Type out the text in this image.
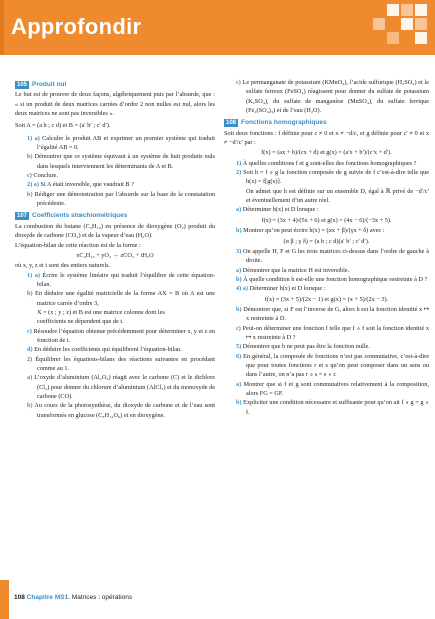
Approfondir
105 Produit nul

Le but est de prouver de deux façons, algébriquement puis par l’absurde, que : « si un produit de deux matrices carrées d’ordre 2 non nulles est nul, alors les deux matrices ne sont pas inversibles ».

Soit A = (a b ; c d) et B = (a′ b′ ; c′ d′).

1) a) Calculer le produit AB et exprimer un premier système qui traduit l’égalité AB = 0.

b) Démontrer que ce système équivaut à un système de huit produits nuls dans lesquels interviennent les déterminants de A et B.

c) Conclure.

2) a) Si A était inversible, que vaudrait B ?

b) Rédiger une démonstration par l’absurde sur la base de la constatation précédente.

107 Coefficients stœchiométriques

La combustion du butane (C₄H₁₀) en présence de dioxygène (O₂) produit du dioxyde de carbone (CO₂) et de la vapeur d’eau (H₂O).

L’équation-bilan de cette réaction est de la forme :

xC₄H₁₀ + yO₂ → zCO₂ + tH₂O

où x, y, z et t sont des entiers naturels.

1) a) Écrire le système linéaire qui traduit l’équilibre de cette équation-bilan.

b) En déduire une égalité matricielle de la forme AX = B où A est une matrice carrée d’ordre 3,

X = (x ; y ; z) et B est une matrice colonne dont les

coefficients ne dépendent que de t.

c) Résoudre l’équation obtenue précédemment pour déterminer x, y et z en fonction de t.

d) En déduire les coefficients qui équilibrent l’équation-bilan.

2) Équilibrer les équations-bilans des réactions suivantes en procédant comme au 1.

a) L’oxyde d’aluminium (Al₂O₃) réagit avec le carbone (C) et le dichlore (Cl₂) pour donner du chlorure d’aluminium (AlCl₃) et du monoxyde de carbone (CO).

b) Au cours de la photosynthèse, du dioxyde de carbone et de l’eau sont transformés en glucose (C₆H₁₂O₆) et en dioxygène.

c) Le permanganate de potassium (KMnO₄), l’acide sulfurique (H₂SO₄) et le sulfate ferreux (FeSO₄) réagissent pour donner du sulfate de potassium (K₂SO₄), du sulfate de manganèse (MnSO₄), du sulfate ferrique (Fe₂(SO₄)₃) et de l’eau (H₂O).

108 Fonctions homographiques

Soit deux fonctions : f définie pour c ≠ 0 et x ≠ −d/c, et g définie pour c′ ≠ 0 et x ≠ −d′/c′ par :

f(x) = (ax + b)/(cx + d) et g(x) = (a′x + b′)/(c′x + d′).

1) À quelles conditions f et g sont-elles des fonctions homographiques ?

2) Soit h = f ∘ g la fonction composée de g suivie de f c’est-à-dire telle que h(x) = f[g(x)].

On admet que h est définie sur un ensemble D, égal à ℝ privé de −d′/c′ et éventuellement d’un autre réel.

a) Déterminer h(x) et D lorsque :

f(x) = (3x + 4)/(5x + 6) et g(x) = (4x − 6)/(−3x + 5).

b) Montrer qu’on peut écrire h(x) = (αx + β)/(γx + δ) avec :

(α β ; γ δ) = (a b ; c d)(a′ b′ ; c′ d′).

3) On appelle H, F et G les trois matrices ci-dessus dans l’ordre de gauche à droite.

a) Démontrer que la matrice H est inversible.

b) À quelle condition h est-elle une fonction homographique restreinte à D ?

4) a) Déterminer h(x) et D lorsque :

f(x) = (3x + 5)/(2x − 1) et g(x) = (x + 5)/(2x − 3).

b) Démontrer que, si F est l’inverse de G, alors h est la fonction identité x ↦ x restreinte à D.

c) Peut-on déterminer une fonction f telle que f ∘ f soit la fonction identité x ↦ x restreinte à D ?

5) Démontrer que h ne peut pas être la fonction nulle.

6) En général, la composée de fonctions n’est pas commutative, c’est-à-dire que pour toutes fonctions r et s qu’on peut composer dans un sens ou dans l’autre, on n’a pas r ∘ s = s ∘ r.

a) Montrer que si f et g sont commutatives relativement à la composition, alors FG = GF.

b) Expliciter une condition nécessaire et suffisante pour qu’on ait f ∘ g = g ∘ f.

108 Chapitre MS1. Matrices : opérations
